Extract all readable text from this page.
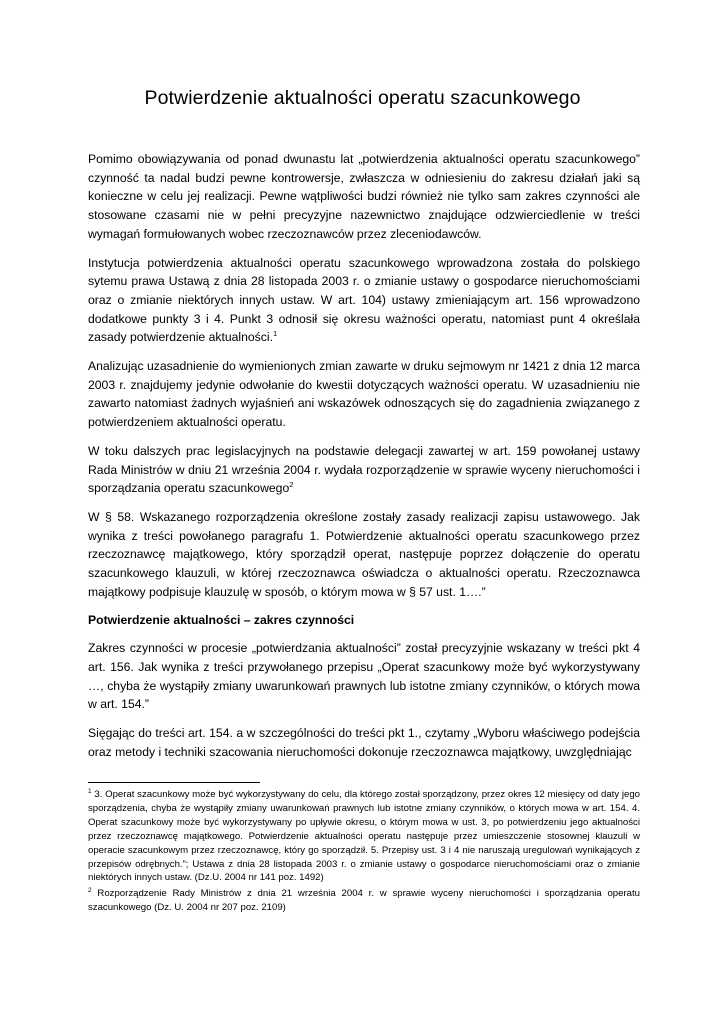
Potwierdzenie aktualności operatu szacunkowego

Pomimo obowiązywania od ponad dwunastu lat „potwierdzenia aktualności operatu szacunkowego” czynność ta nadal budzi pewne kontrowersje, zwłaszcza w odniesieniu do zakresu działań jaki są konieczne w celu jej realizacji. Pewne wątpliwości budzi również nie tylko sam zakres czynności ale stosowane czasami nie w pełni precyzyjne nazewnictwo znajdujące odzwierciedlenie w treści wymagań formułowanych wobec rzeczoznawców przez zleceniodawców.

Instytucja potwierdzenia aktualności operatu szacunkowego wprowadzona została do polskiego sytemu prawa Ustawą z dnia 28 listopada 2003 r. o zmianie ustawy o gospodarce nieruchomościami oraz o zmianie niektórych innych ustaw. W art. 104) ustawy zmieniającym art. 156 wprowadzono dodatkowe punkty 3 i 4. Punkt 3 odnosił się okresu ważności operatu, natomiast punt 4 określała zasady potwierdzenie aktualności.$^1$

Analizując uzasadnienie do wymienionych zmian zawarte w druku sejmowym nr 1421 z dnia 12 marca 2003 r. znajdujemy jedynie odwołanie do kwestii dotyczących ważności operatu. W uzasadnieniu nie zawarto natomiast żadnych wyjaśnień ani wskazówek odnoszących się do zagadnienia związanego z potwierdzeniem aktualności operatu.

W toku dalszych prac legislacyjnych na podstawie delegacji zawartej w art. 159 powołanej ustawy Rada Ministrów w dniu 21 września 2004 r. wydała rozporządzenie w sprawie wyceny nieruchomości i sporządzania operatu szacunkowego$^2$

W § 58. Wskazanego rozporządzenia określone zostały zasady realizacji zapisu ustawowego. Jak wynika z treści powołanego paragrafu 1. Potwierdzenie aktualności operatu szacunkowego przez rzeczoznawcę majątkowego, który sporządził operat, następuje poprzez dołączenie do operatu szacunkowego klauzuli, w której rzeczoznawca oświadcza o aktualności operatu. Rzeczoznawca majątkowy podpisuje klauzulę w sposób, o którym mowa w § 57 ust. 1….”

Potwierdzenie aktualności – zakres czynności

Zakres czynności w procesie „potwierdzania aktualności” został precyzyjnie wskazany w treści pkt 4 art. 156. Jak wynika z treści przywołanego przepisu „Operat szacunkowy może być wykorzystywany …, chyba że wystąpiły zmiany uwarunkowań prawnych lub istotne zmiany czynników, o których mowa w art. 154.”

Sięgając do treści art. 154. a w szczególności do treści pkt 1., czytamy „Wyboru właściwego podejścia oraz metody i techniki szacowania nieruchomości dokonuje rzeczoznawca majątkowy, uwzględniając

$^1$ 3. Operat szacunkowy może być wykorzystywany do celu, dla którego został sporządzony, przez okres 12 miesięcy od daty jego sporządzenia, chyba że wystąpiły zmiany uwarunkowań prawnych lub istotne zmiany czynników, o których mowa w art. 154. 4. Operat szacunkowy może być wykorzystywany po upływie okresu, o którym mowa w ust. 3, po potwierdzeniu jego aktualności przez rzeczoznawcę majątkowego. Potwierdzenie aktualności operatu następuje przez umieszczenie stosownej klauzuli w operacie szacunkowym przez rzeczoznawcę, który go sporządził. 5. Przepisy ust. 3 i 4 nie naruszają uregulowań wynikających z przepisów odrębnych.”; Ustawa z dnia 28 listopada 2003 r. o zmianie ustawy o gospodarce nieruchomościami oraz o zmianie niektórych innych ustaw. (Dz.U. 2004 nr 141 poz. 1492)

$^2$ Rozporządzenie Rady Ministrów z dnia 21 września 2004 r. w sprawie wyceny nieruchomości i sporządzania operatu szacunkowego (Dz. U. 2004 nr 207 poz. 2109)
